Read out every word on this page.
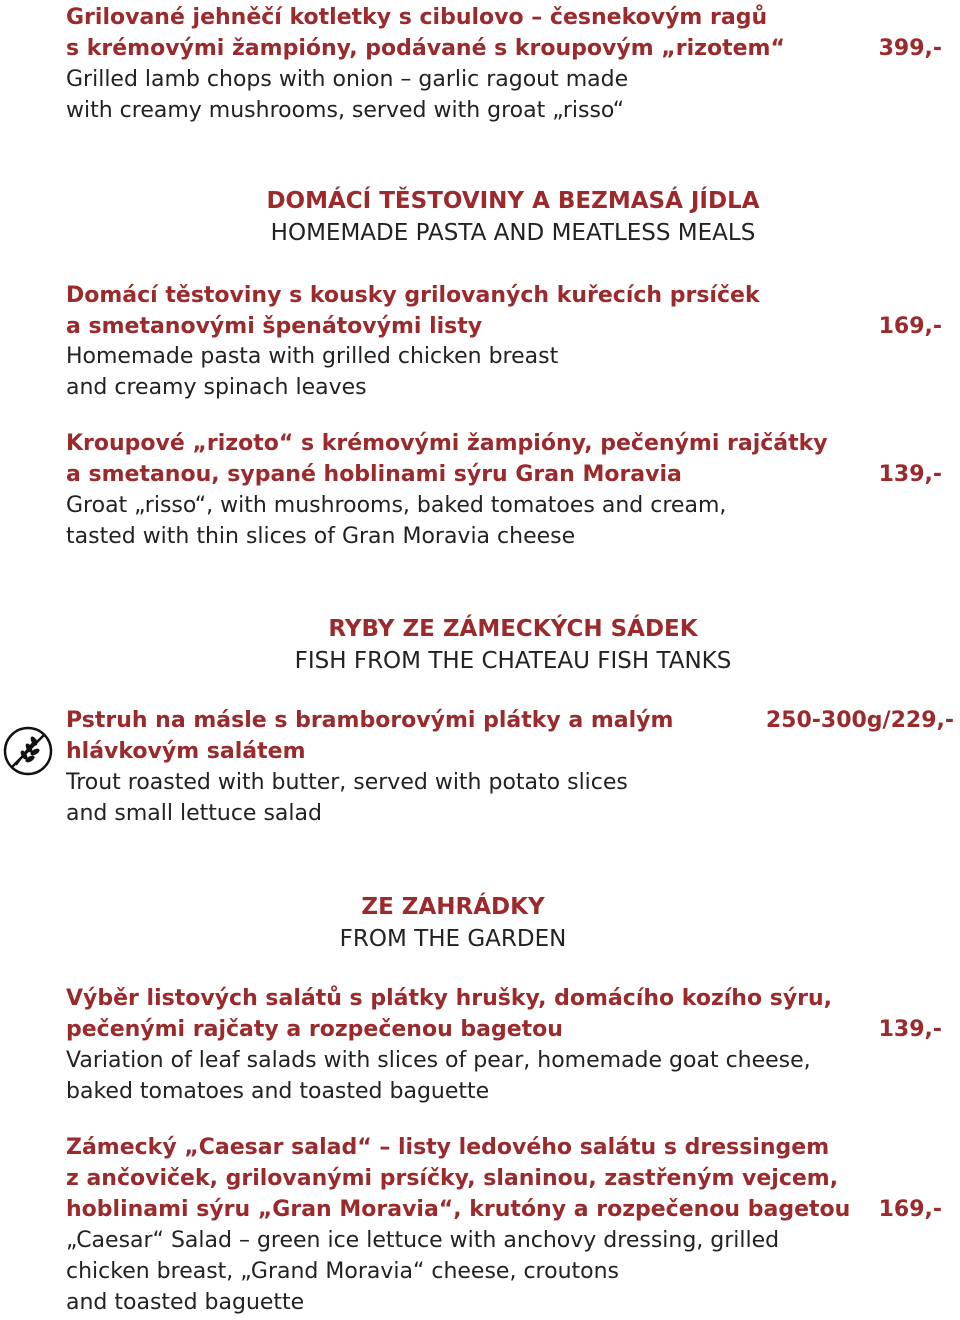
Grilované jehněčí kotletky s cibulovo – česnekovým ragů
s krémovými žampióny, podávané s kroupovým „rizotem“	399,-
Grilled lamb chops with onion – garlic ragout made
with creamy mushrooms, served with groat „risso“
DOMÁCÍ TĚSTOVINY A BEZMASÁ JÍDLA
HOMEMADE PASTA AND MEATLESS MEALS
Domácí těstoviny s kousky grilovaných kuřecích prsíček
a smetanovými špenátovými listy	169,-
Homemade pasta with grilled chicken breast
and creamy spinach leaves
Kroupové „rizoto“ s krémovými žampióny, pečenými rajčátky
a smetanou, sypané hoblinami sýru Gran Moravia	139,-
Groat „risso“, with mushrooms, baked tomatoes and cream,
tasted with thin slices of Gran Moravia cheese
RYBY ZE ZÁMECKÝCH SÁDEK
FISH FROM THE CHATEAU FISH TANKS
Pstruh na másle s bramborovými plátky a malým	250-300g/229,-
hlávkovým salátem
Trout roasted with butter, served with potato slices
and small lettuce salad
ZE ZAHRÁDKY
FROM THE GARDEN
Výběr listových salátů s plátky hrušky, domácího kozího sýru,
pečenými rajčaty a rozpečenou bagetou	139,-
Variation of leaf salads with slices of pear, homemade goat cheese,
baked tomatoes and toasted baguette
Zámecký „Caesar salad“ – listy ledového salátu s dressingem
z ančoviček, grilovanými prsíčky, slaninou, zastřeným vejcem,
hoblinami sýru „Gran Moravia“, krutóny a rozpečenou bagetou 169,-
„Caesar“ Salad – green ice lettuce with anchovy dressing, grilled
chicken breast, „Grand Moravia“ cheese, croutons
and toasted baguette
